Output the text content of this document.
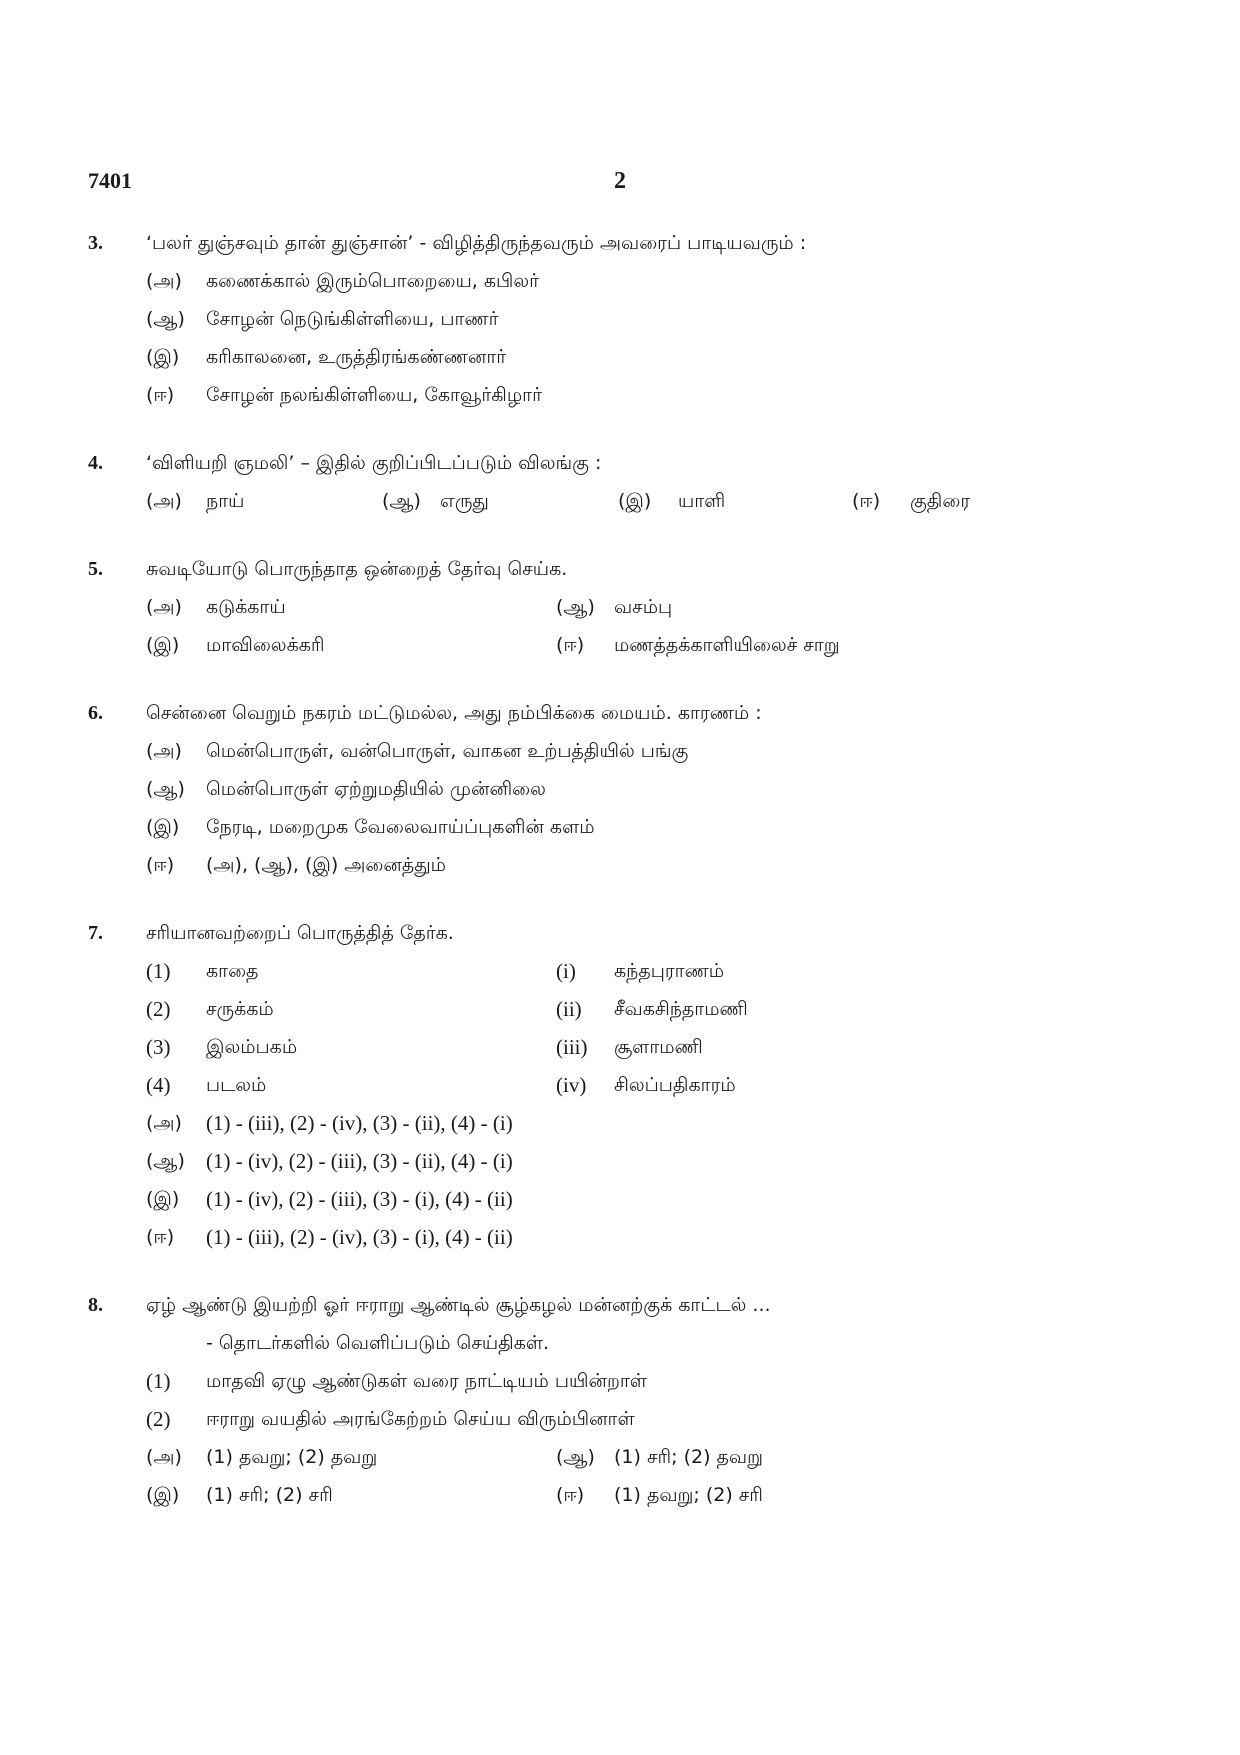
7401	2
3. ‘பலர் துஞ்சவும் தான் துஞ்சான்’ - விழித்திருந்தவரும் அவரைப் பாடியவரும் :
(அ) கணைக்கால் இரும்பொறையை, கபிலர்
(ஆ) சோழன் நெடுங்கிள்ளியை, பாணர்
(இ) கரிகாலனை, உருத்திரங்கண்ணனார்
(ஈ) சோழன் நலங்கிள்ளியை, கோவூர்கிழார்
4. ‘விளியறி ஞமலி’ – இதில் குறிப்பிடப்படும் விலங்கு :
(அ) நாய்	(ஆ) எருது	(இ) யாளி	(ஈ) குதிரை
5. சுவடியோடு பொருந்தாத ஒன்றைத் தேர்வு செய்க.
(அ) கடுக்காய்	(ஆ) வசம்பு
(இ) மாவிலைக்கரி	(ஈ) மணத்தக்காளியிலைச் சாறு
6. சென்னை வெறும் நகரம் மட்டுமல்ல, அது நம்பிக்கை மையம். காரணம் :
(அ) மென்பொருள், வன்பொருள், வாகன உற்பத்தியில் பங்கு
(ஆ) மென்பொருள் ஏற்றுமதியில் முன்னிலை
(இ) நேரடி, மறைமுக வேலைவாய்ப்புகளின் களம்
(ஈ) (அ), (ஆ), (இ) அனைத்தும்
7. சரியானவற்றைப் பொருத்தித் தேர்க.
(1) காதை	(i) கந்தபுராணம்
(2) சருக்கம்	(ii) சீவகசிந்தாமணி
(3) இலம்பகம்	(iii) சூளாமணி
(4) படலம்	(iv) சிலப்பதிகாரம்
(அ) (1) - (iii), (2) - (iv), (3) - (ii), (4) - (i)
(ஆ) (1) - (iv), (2) - (iii), (3) - (ii), (4) - (i)
(இ) (1) - (iv), (2) - (iii), (3) - (i), (4) - (ii)
(ஈ) (1) - (iii), (2) - (iv), (3) - (i), (4) - (ii)
8. ஏழ் ஆண்டு இயற்றி ஓர் ஈராறு ஆண்டில் சூழ்கழல் மன்னற்குக் காட்டல் ...
- தொடர்களில் வெளிப்படும் செய்திகள்.
(1) மாதவி ஏழு ஆண்டுகள் வரை நாட்டியம் பயின்றாள்
(2) ஈராறு வயதில் அரங்கேற்றம் செய்ய விரும்பினாள்
(அ) (1) தவறு; (2) தவறு	(ஆ) (1) சரி; (2) தவறு
(இ) (1) சரி; (2) சரி	(ஈ) (1) தவறு; (2) சரி
